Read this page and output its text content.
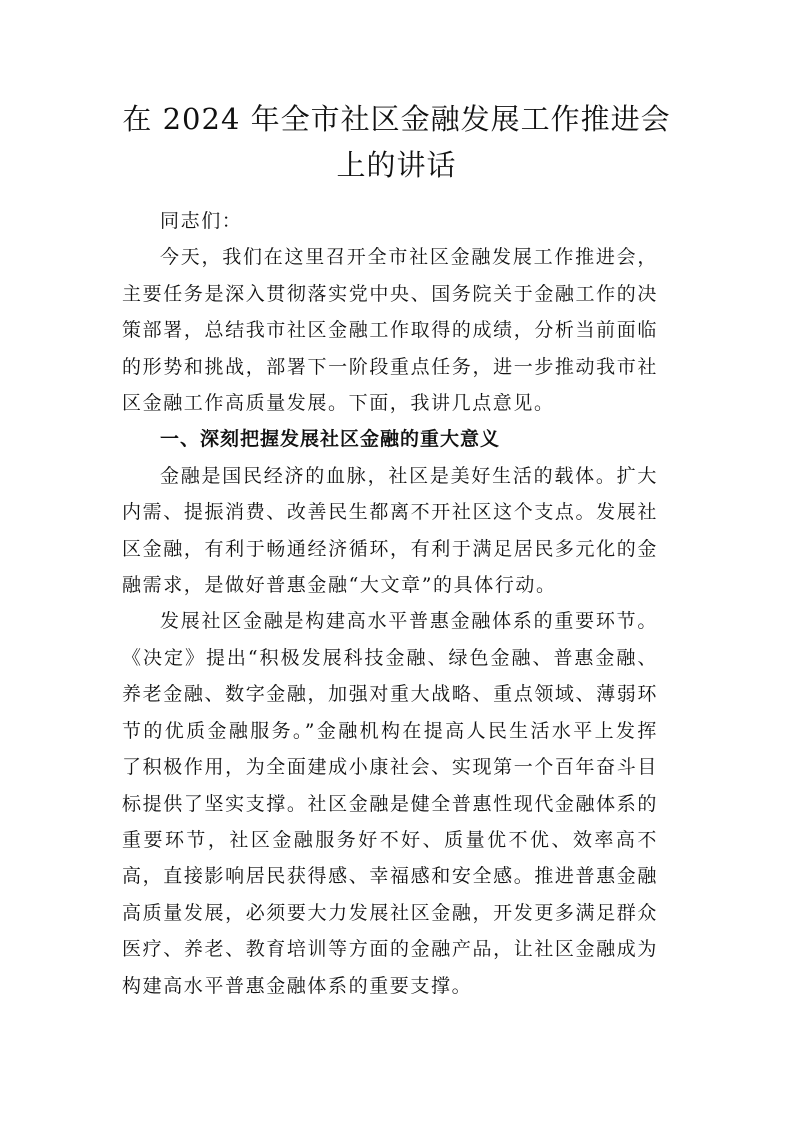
在 2024 年全市社区金融发展工作推进会
上的讲话

同志们：

今天，我们在这里召开全市社区金融发展工作推进会，主要任务是深入贯彻落实党中央、国务院关于金融工作的决策部署，总结我市社区金融工作取得的成绩，分析当前面临的形势和挑战，部署下一阶段重点任务，进一步推动我市社区金融工作高质量发展。下面，我讲几点意见。

一、深刻把握发展社区金融的重大意义

金融是国民经济的血脉，社区是美好生活的载体。扩大内需、提振消费、改善民生都离不开社区这个支点。发展社区金融，有利于畅通经济循环，有利于满足居民多元化的金融需求，是做好普惠金融“大文章”的具体行动。

发展社区金融是构建高水平普惠金融体系的重要环节。《决定》提出“积极发展科技金融、绿色金融、普惠金融、养老金融、数字金融，加强对重大战略、重点领域、薄弱环节的优质金融服务。”金融机构在提高人民生活水平上发挥了积极作用，为全面建成小康社会、实现第一个百年奋斗目标提供了坚实支撑。社区金融是健全普惠性现代金融体系的重要环节，社区金融服务好不好、质量优不优、效率高不高，直接影响居民获得感、幸福感和安全感。推进普惠金融高质量发展，必须要大力发展社区金融，开发更多满足群众医疗、养老、教育培训等方面的金融产品，让社区金融成为构建高水平普惠金融体系的重要支撑。
